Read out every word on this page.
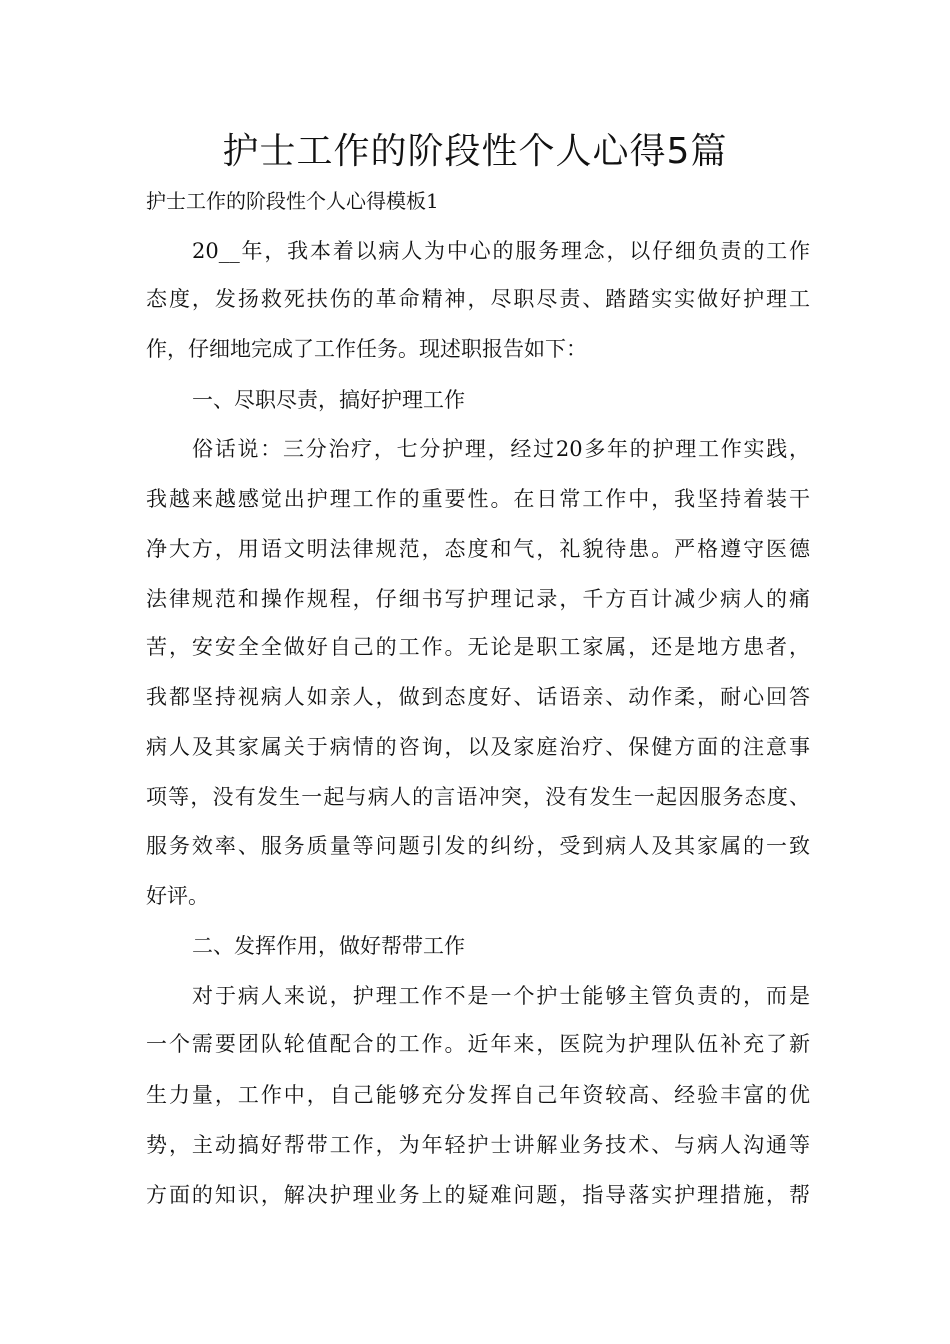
护士工作的阶段性个人心得5篇

护士工作的阶段性个人心得模板1

20__年，我本着以病人为中心的服务理念，以仔细负责的工作

态度，发扬救死扶伤的革命精神，尽职尽责、踏踏实实做好护理工

作，仔细地完成了工作任务。现述职报告如下：

一、尽职尽责，搞好护理工作

俗话说：三分治疗，七分护理，经过20多年的护理工作实践，

我越来越感觉出护理工作的重要性。在日常工作中，我坚持着装干

净大方，用语文明法律规范，态度和气，礼貌待患。严格遵守医德

法律规范和操作规程，仔细书写护理记录，千方百计减少病人的痛

苦，安安全全做好自己的工作。无论是职工家属，还是地方患者，

我都坚持视病人如亲人，做到态度好、话语亲、动作柔，耐心回答

病人及其家属关于病情的咨询，以及家庭治疗、保健方面的注意事

项等，没有发生一起与病人的言语冲突，没有发生一起因服务态度、

服务效率、服务质量等问题引发的纠纷，受到病人及其家属的一致

好评。

二、发挥作用，做好帮带工作

对于病人来说，护理工作不是一个护士能够主管负责的，而是

一个需要团队轮值配合的工作。近年来，医院为护理队伍补充了新

生力量，工作中，自己能够充分发挥自己年资较高、经验丰富的优

势，主动搞好帮带工作，为年轻护士讲解业务技术、与病人沟通等

方面的知识，解决护理业务上的疑难问题，指导落实护理措施，帮
